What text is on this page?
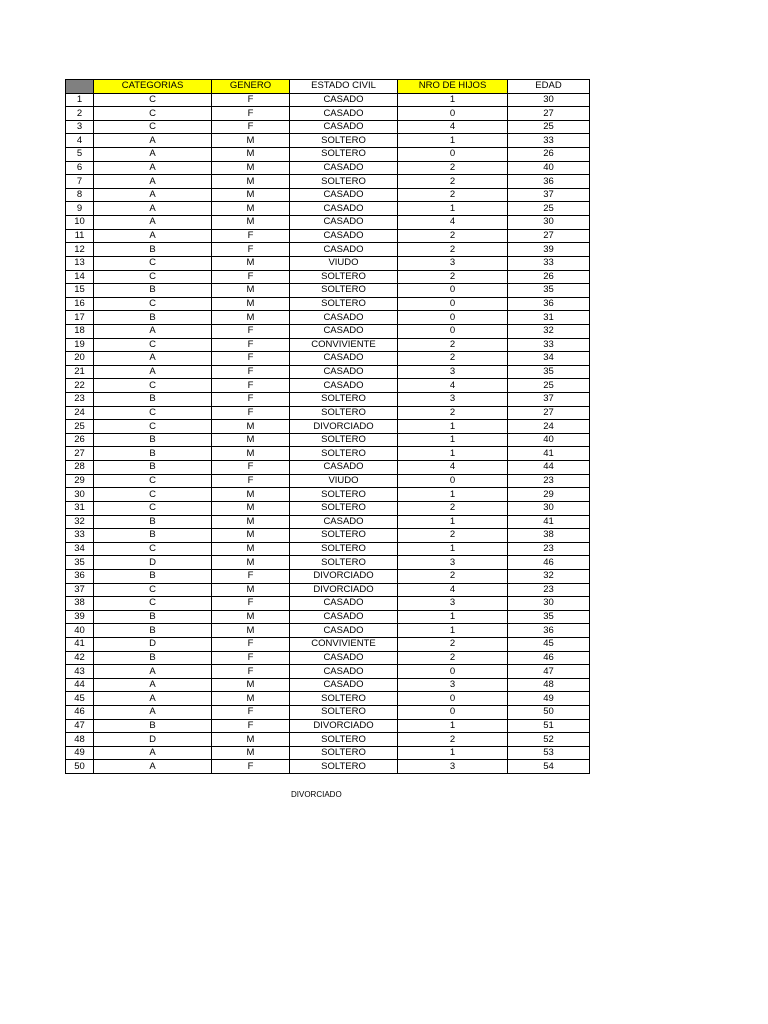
	CATEGORIAS	GENERO	ESTADO CIVIL	NRO DE HIJOS	EDAD
1	C	F	CASADO	1	30
2	C	F	CASADO	0	27
3	C	F	CASADO	4	25
4	A	M	SOLTERO	1	33
5	A	M	SOLTERO	0	26
6	A	M	CASADO	2	40
7	A	M	SOLTERO	2	36
8	A	M	CASADO	2	37
9	A	M	CASADO	1	25
10	A	M	CASADO	4	30
11	A	F	CASADO	2	27
12	B	F	CASADO	2	39
13	C	M	VIUDO	3	33
14	C	F	SOLTERO	2	26
15	B	M	SOLTERO	0	35
16	C	M	SOLTERO	0	36
17	B	M	CASADO	0	31
18	A	F	CASADO	0	32
19	C	F	CONVIVIENTE	2	33
20	A	F	CASADO	2	34
21	A	F	CASADO	3	35
22	C	F	CASADO	4	25
23	B	F	SOLTERO	3	37
24	C	F	SOLTERO	2	27
25	C	M	DIVORCIADO	1	24
26	B	M	SOLTERO	1	40
27	B	M	SOLTERO	1	41
28	B	F	CASADO	4	44
29	C	F	VIUDO	0	23
30	C	M	SOLTERO	1	29
31	C	M	SOLTERO	2	30
32	B	M	CASADO	1	41
33	B	M	SOLTERO	2	38
34	C	M	SOLTERO	1	23
35	D	M	SOLTERO	3	46
36	B	F	DIVORCIADO	2	32
37	C	M	DIVORCIADO	4	23
38	C	F	CASADO	3	30
39	B	M	CASADO	1	35
40	B	M	CASADO	1	36
41	D	F	CONVIVIENTE	2	45
42	B	F	CASADO	2	46
43	A	F	CASADO	0	47
44	A	M	CASADO	3	48
45	A	M	SOLTERO	0	49
46	A	F	SOLTERO	0	50
47	B	F	DIVORCIADO	1	51
48	D	M	SOLTERO	2	52
49	A	M	SOLTERO	1	53
50	A	F	SOLTERO	3	54
DIVORCIADO
